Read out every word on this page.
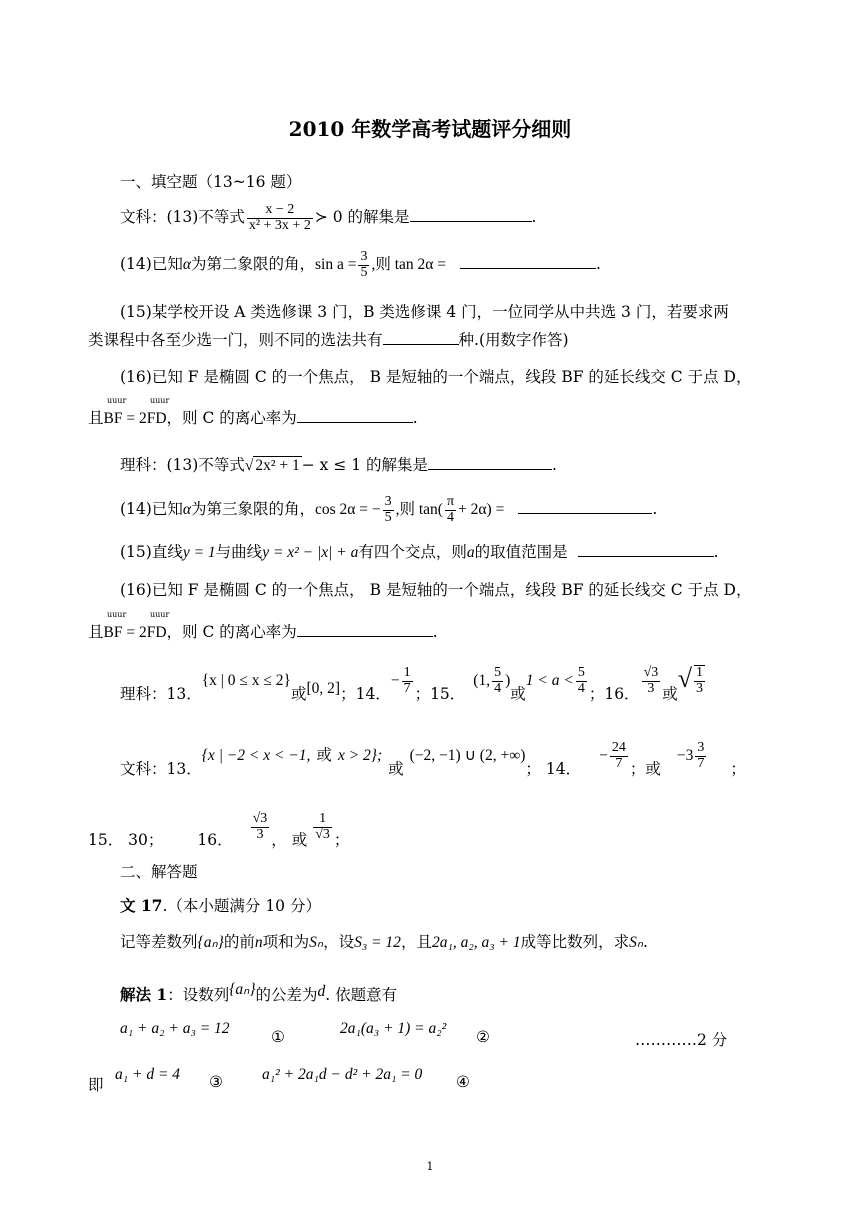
2010 年数学高考试题评分细则
一、填空题（13~16 题）
文科：(13)不等式 $\frac{x - 2}{\text{x² + 3x + 2}}$ ≻ 0 的解集是	.
(14)已知α为第二象限的角，$\sin a = \frac{3}{5}$ ,则 tan 2α =	.
(15)某学校开设 A 类选修课 3 门，B 类选修课 4 门，一位同学从中共选 3 门，若要求两
类课程中各至少选一门，则不同的选法共有	种.(用数字作答)
(16)已知 F 是椭圆 C 的一个焦点， B 是短轴的一个端点，线段 BF 的延长线交 C 于点 D，
uuur	uuur
且BF = 2FD，则 C 的离心率为	.
理科：(13)不等式√ 2x² + 1 − x ≤ 1 的解集是	.
(14)已知α为第三象限的角，cos 2α = − $\frac{3}{5}$ ,则 $\tan( \frac{\pi}{4} + 2\alpha)$ =	.
(15)直线y = 1与曲线y = x² − |x| + a有四个交点，则a的取值范围是	.
(16)已知 F 是椭圆 C 的一个焦点， B 是短轴的一个端点，线段 BF 的延长线交 C 于点 D，
uuur	uuur
且BF = 2FD，则 C 的离心率为	.
理科：13．{x | 0 ≤ x ≤ 2}或[0, 2]；14．− $\frac{1}{7}$ ；15．(1, $\frac{5}{4}$ )或$1 < a < \frac{5}{4}$ ；16． $\frac{√3}{3}$ 或√ $\frac{1}{3}$
文科：13．{x | −2 < x < −1, 或 x > 2};或(−2, −1) ∪ (2, +∞)； 14．− $\frac{24}{7}$ ；或$-3 \frac{3}{7}$ ；
15． 30； 16． $\frac{√3}{3}$ ， 或 $\frac{1}{√3}$ ；
二、解答题
文 17.（本小题满分 10 分）
记等差数列{aₙ}的前n项和为Sₙ，设S₃ = 12，且2a₁, a₂, a₃ + 1成等比数列，求Sₙ.
解法 1：设数列{aₙ}的公差为d. 依题意有
a₁ + a₂ + a₃ = 12	①	2a₁(a₃ + 1) = a₂² ②	…………2 分
即
a₁ + d = 4 ③	a₁² + 2a₁d − d² + 2a₁ = 0 ④
1
